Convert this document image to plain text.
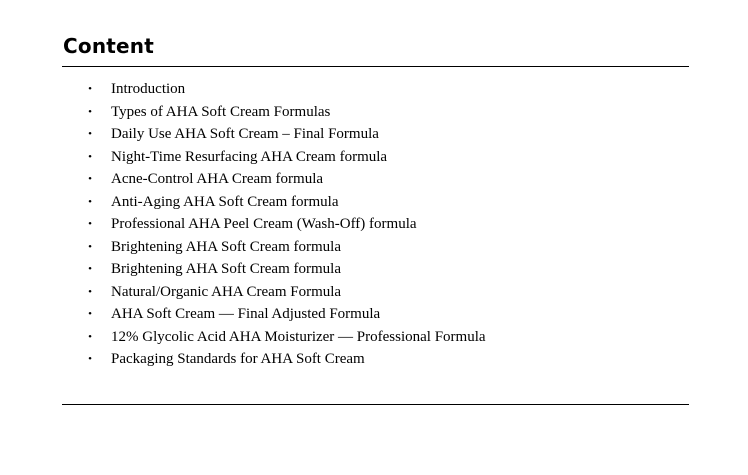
Content
•	Introduction
•	Types of AHA Soft Cream Formulas
•	Daily Use AHA Soft Cream – Final Formula
•	Night-Time Resurfacing AHA Cream formula
•	Acne-Control AHA Cream formula
•	Anti-Aging AHA Soft Cream formula
•	Professional AHA Peel Cream (Wash-Off) formula
•	Brightening AHA Soft Cream formula
•	Brightening AHA Soft Cream formula
•	Natural/Organic AHA Cream Formula
•	AHA Soft Cream — Final Adjusted Formula
•	12% Glycolic Acid AHA Moisturizer — Professional Formula
•	Packaging Standards for AHA Soft Cream
